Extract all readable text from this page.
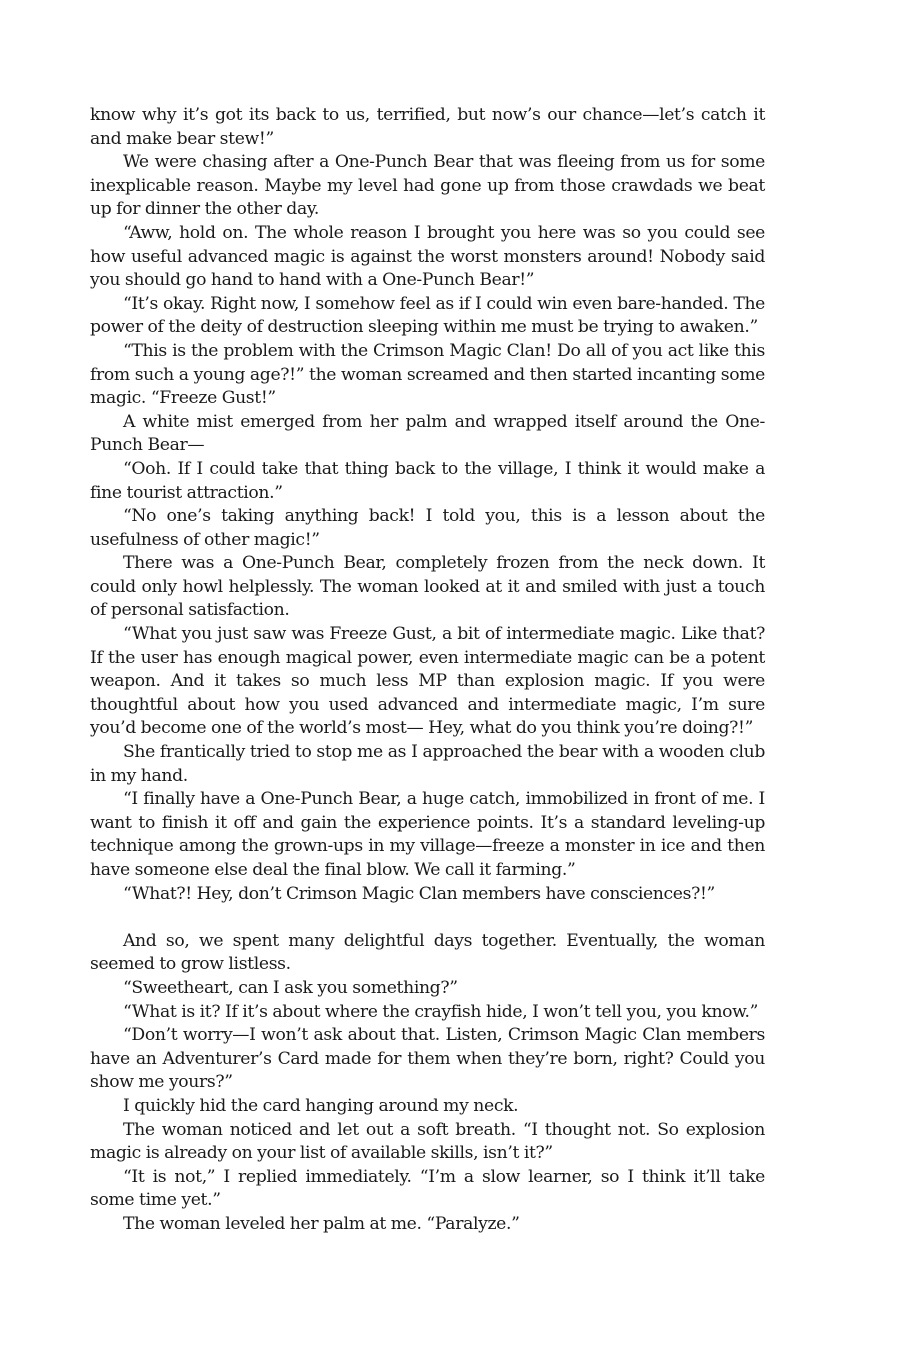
know why it’s got its back to us, terrified, but now’s our chance—let’s catch it and make bear stew!”

We were chasing after a One-Punch Bear that was fleeing from us for some inexplicable reason. Maybe my level had gone up from those crawdads we beat up for dinner the other day.

“Aww, hold on. The whole reason I brought you here was so you could see how useful advanced magic is against the worst monsters around! Nobody said you should go hand to hand with a One-Punch Bear!”

“It’s okay. Right now, I somehow feel as if I could win even bare-handed. The power of the deity of destruction sleeping within me must be trying to awaken.”

“This is the problem with the Crimson Magic Clan! Do all of you act like this from such a young age?!” the woman screamed and then started incanting some magic. “Freeze Gust!”

A white mist emerged from her palm and wrapped itself around the One-Punch Bear—

“Ooh. If I could take that thing back to the village, I think it would make a fine tourist attraction.”

“No one’s taking anything back! I told you, this is a lesson about the usefulness of other magic!”

There was a One-Punch Bear, completely frozen from the neck down. It could only howl helplessly. The woman looked at it and smiled with just a touch of personal satisfaction.

“What you just saw was Freeze Gust, a bit of intermediate magic. Like that? If the user has enough magical power, even intermediate magic can be a potent weapon. And it takes so much less MP than explosion magic. If you were thoughtful about how you used advanced and intermediate magic, I’m sure you’d become one of the world’s most— Hey, what do you think you’re doing?!”

She frantically tried to stop me as I approached the bear with a wooden club in my hand.

“I finally have a One-Punch Bear, a huge catch, immobilized in front of me. I want to finish it off and gain the experience points. It’s a standard leveling-up technique among the grown-ups in my village—freeze a monster in ice and then have someone else deal the final blow. We call it farming.”

“What?! Hey, don’t Crimson Magic Clan members have consciences?!”

And so, we spent many delightful days together. Eventually, the woman seemed to grow listless.

“Sweetheart, can I ask you something?”

“What is it? If it’s about where the crayfish hide, I won’t tell you, you know.”

“Don’t worry—I won’t ask about that. Listen, Crimson Magic Clan members have an Adventurer’s Card made for them when they’re born, right? Could you show me yours?”

I quickly hid the card hanging around my neck.

The woman noticed and let out a soft breath. “I thought not. So explosion magic is already on your list of available skills, isn’t it?”

“It is not,” I replied immediately. “I’m a slow learner, so I think it’ll take some time yet.”

The woman leveled her palm at me. “Paralyze.”
